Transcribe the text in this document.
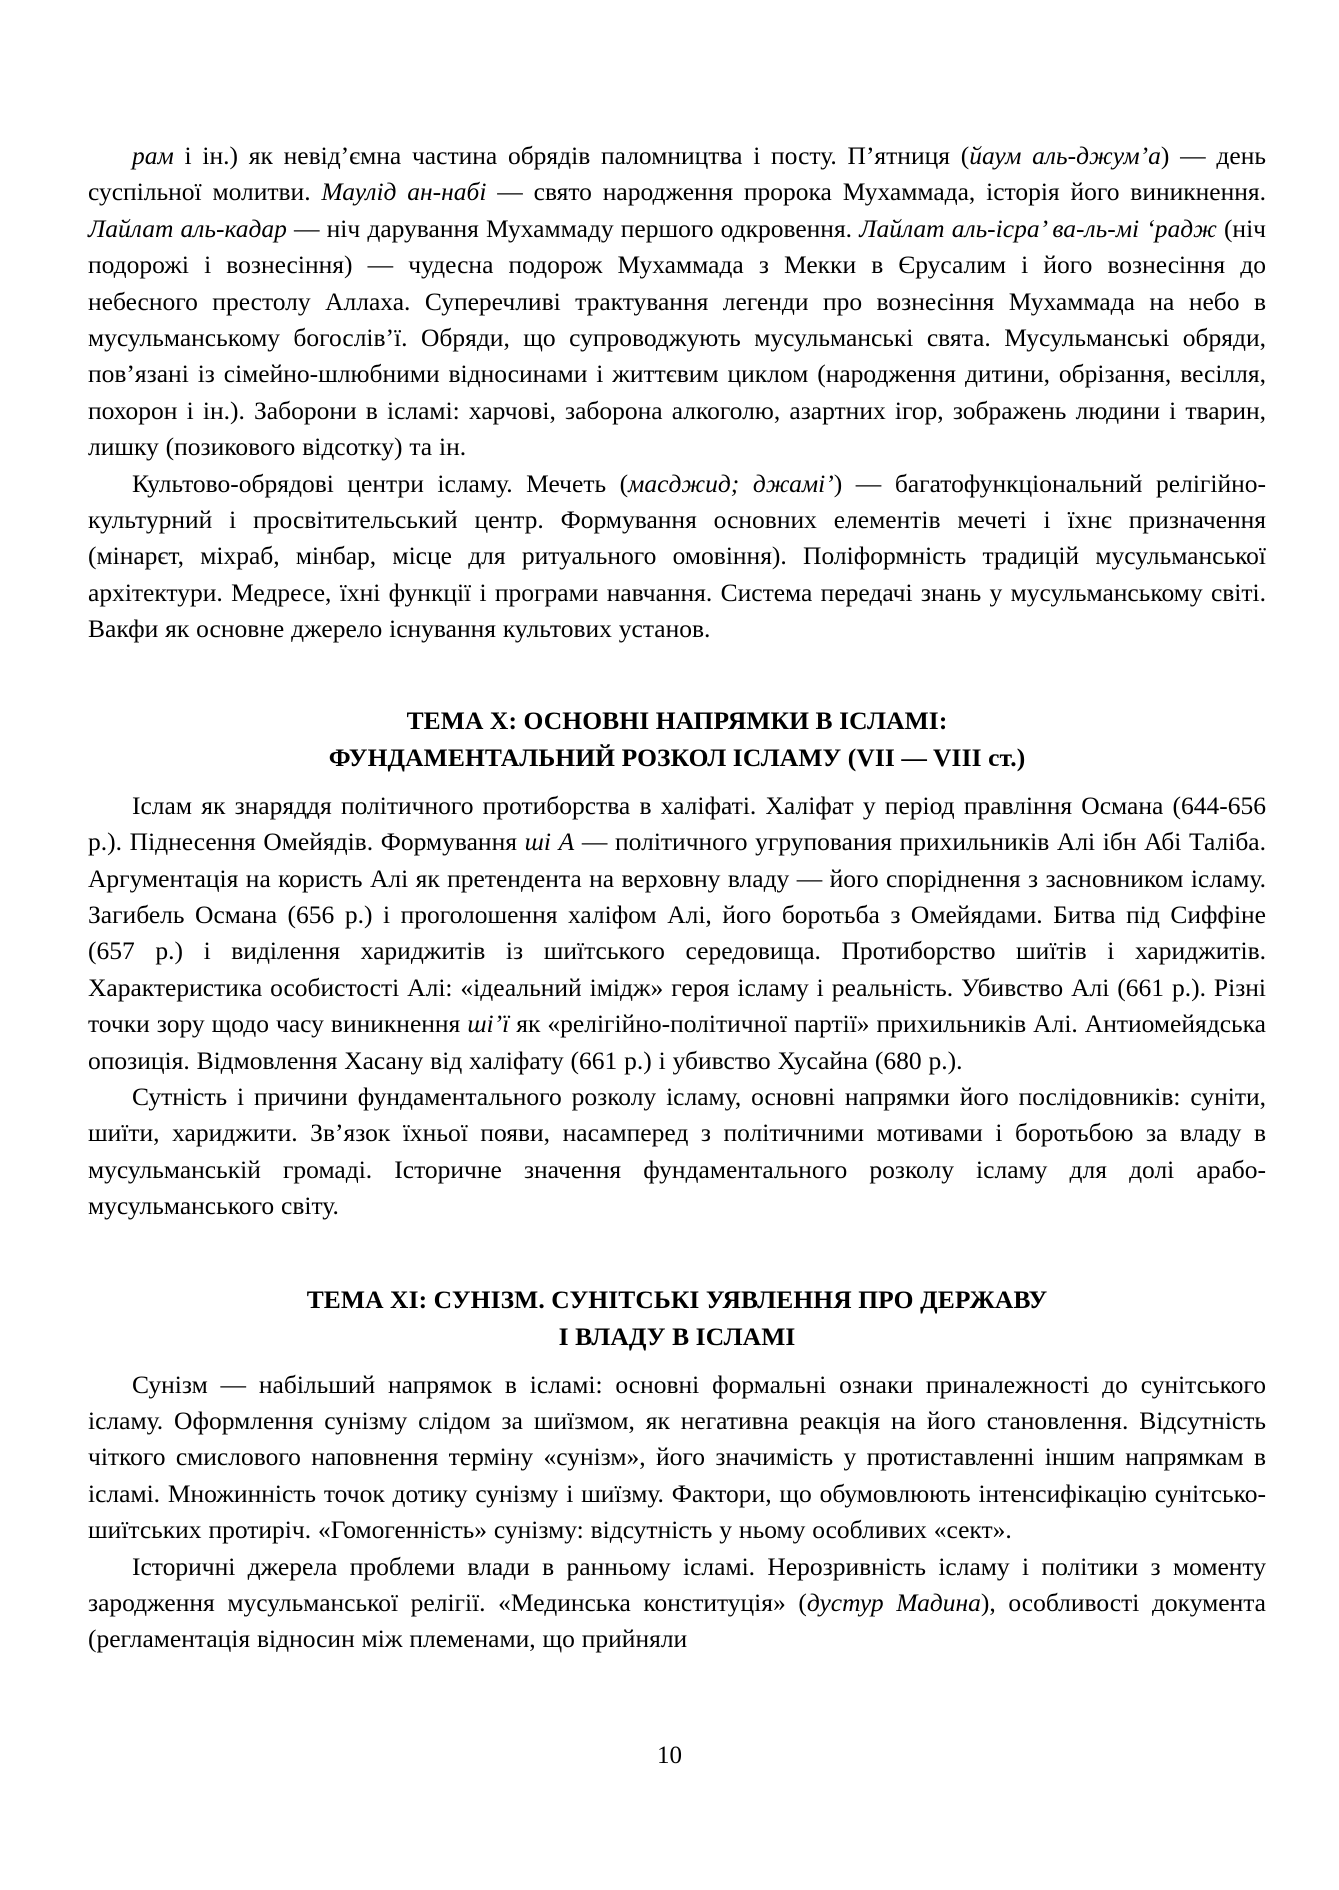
рам і ін.) як невід’ємна частина обрядів паломництва і посту. П’ятниця (йаум аль-джум’а) — день суспільної молитви. Маулід ан-набі — свято народження пророка Мухаммада, історія його виникнення. Лайлат аль-кадар — ніч дарування Мухаммаду першого одкровення. Лайлат аль-ісра’ ва-ль-мі ‘радж (ніч подорожі і вознесіння) — чудесна подорож Мухаммада з Мекки в Єрусалим і його вознесіння до небесного престолу Аллаха. Суперечливі трактування легенди про вознесіння Мухаммада на небо в мусульманському богослів’ї. Обряди, що супроводжують мусульманські свята. Мусульманські обряди, пов’язані із сімейно-шлюбними відносинами і життєвим циклом (народження дитини, обрізання, весілля, похорон і ін.). Заборони в ісламі: харчові, заборона алкоголю, азартних ігор, зображень людини і тварин, лишку (позикового відсотку) та ін.

Культово-обрядові центри ісламу. Мечеть (масджид; джамі’) — багатофункціональний релігійно-культурний і просвітительський центр. Формування основних елементів мечеті і їхнє призначення (мінарєт, міхраб, мінбар, місце для ритуального омовіння). Поліформність традицій мусульманської архітектури. Медресе, їхні функції і програми навчання. Система передачі знань у мусульманському світі. Вакфи як основне джерело існування культових установ.

ТЕМА X: ОСНОВНІ НАПРЯМКИ В ІСЛАМІ:
ФУНДАМЕНТАЛЬНИЙ РОЗКОЛ ІСЛАМУ (VII — VIII ст.)

Іслам як знаряддя політичного протиборства в халіфаті. Халіфат у період правління Османа (644-656 р.). Піднесення Омейядів. Формування ші А — політичного угрупования прихильників Алі ібн Абі Таліба. Аргументація на користь Алі як претендента на верховну владу — його споріднення з засновником ісламу. Загибель Османа (656 р.) і проголошення халіфом Алі, його боротьба з Омейядами. Битва під Сиффіне (657 р.) і виділення хариджитів із шиїтського середовища. Протиборство шиїтів і хариджитів. Характеристика особистості Алі: «ідеальний імідж» героя ісламу і реальність. Убивство Алі (661 р.). Різні точки зору щодо часу виникнення ші’ї як «релігійно-політичної партії» прихильників Алі. Антиомейядська опозиція. Відмовлення Хасану від халіфату (661 р.) і убивство Хусайна (680 р.).

Сутність і причини фундаментального розколу ісламу, основні напрямки його послідовників: суніти, шиїти, хариджити. Зв’язок їхньої появи, насамперед з політичними мотивами і боротьбою за владу в мусульманській громаді. Історичне значення фундаментального розколу ісламу для долі арабо-мусульманського світу.

ТЕМА XI: СУНІЗМ. СУНІТСЬКІ УЯВЛЕННЯ ПРО ДЕРЖАВУ
І ВЛАДУ В ІСЛАМІ

Сунізм — набільший напрямок в ісламі: основні формальні ознаки приналежності до сунітського ісламу. Оформлення сунізму слідом за шиїзмом, як негативна реакція на його становлення. Відсутність чіткого смислового наповнення терміну «сунізм», його значимість у протиставленні іншим напрямкам в ісламі. Множинність точок дотику сунізму і шиїзму. Фактори, що обумовлюють інтенсифікацію сунітсько-шиїтських протиріч. «Гомогенність» сунізму: відсутність у ньому особливих «сект».

Історичні джерела проблеми влади в ранньому ісламі. Нерозривність ісламу і політики з моменту зародження мусульманської релігії. «Мединська конституція» (дустур Мадина), особливості документа (регламентація відносин між племенами, що прийняли

10
